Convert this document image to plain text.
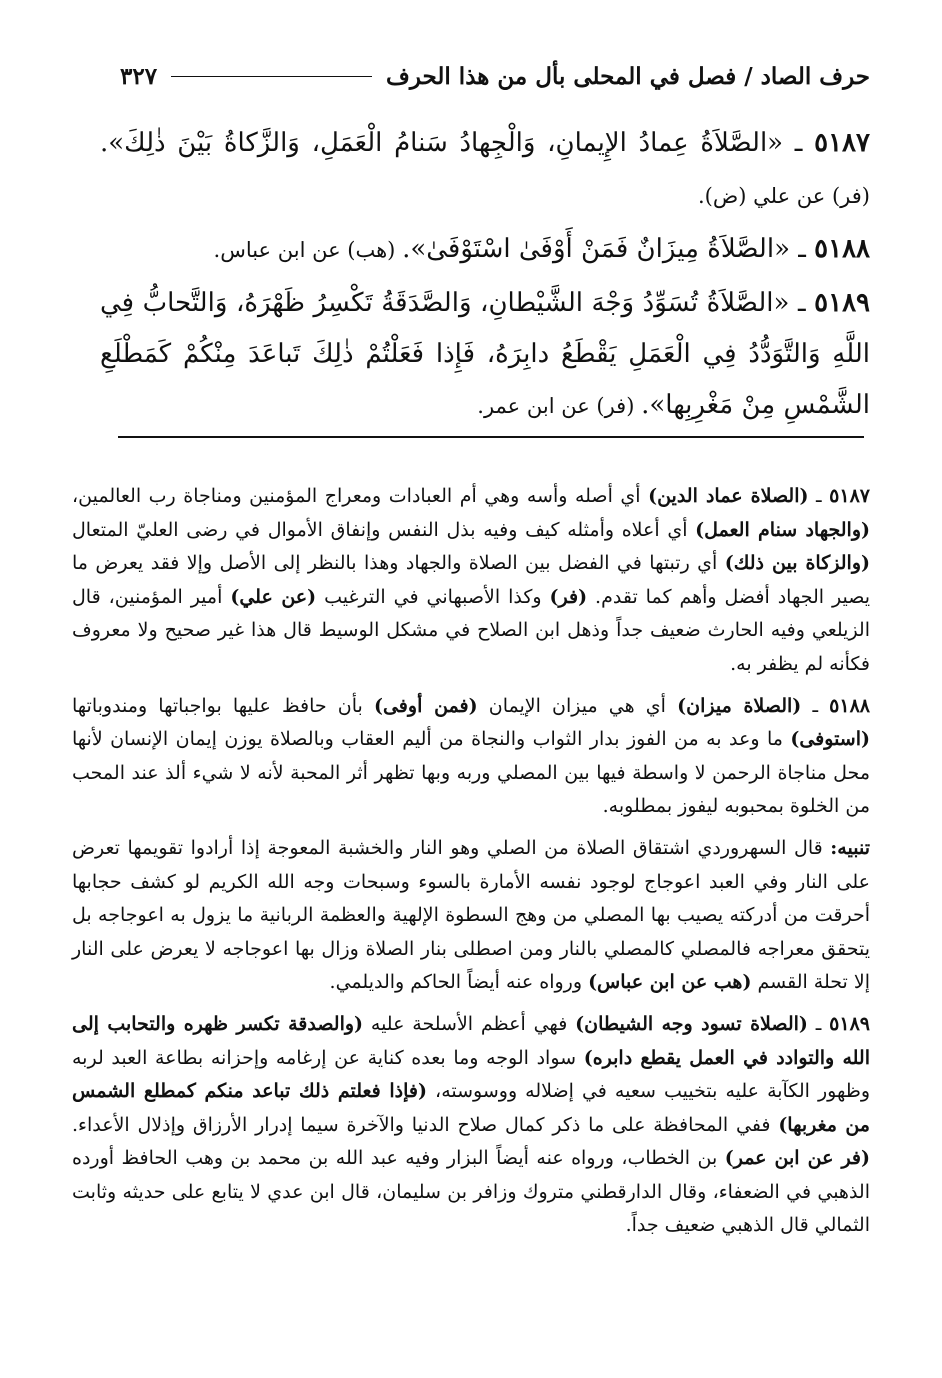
حرف الصاد / فصل في المحلى بأل من هذا الحرف
٣٢٧

٥١٨٧ ـ «الصَّلاَةُ عِمادُ الإِيمانِ، وَالْجِهادُ سَنامُ الْعَمَلِ، وَالزَّكاةُ بَيْنَ ذٰلِكَ». (فر) عن علي (ض).

٥١٨٨ ـ «الصَّلاَةُ مِيزَانٌ فَمَنْ أَوْفَىٰ اسْتَوْفَىٰ». (هب) عن ابن عباس.

٥١٨٩ ـ «الصَّلاَةُ تُسَوِّدُ وَجْهَ الشَّيْطانِ، وَالصَّدَقَةُ تَكْسِرُ ظَهْرَهُ، وَالتَّحابُّ فِي اللَّهِ وَالتَّوَدُّدُ فِي الْعَمَلِ يَقْطَعُ دابِرَهُ، فَإِذا فَعَلْتُمْ ذٰلِكَ تَباعَدَ مِنْكُمْ كَمَطْلَعِ الشَّمْسِ مِنْ مَغْرِبِها». (فر) عن ابن عمر.

٥١٨٧ ـ (الصلاة عماد الدين) أي أصله وأسه وهي أم العبادات ومعراج المؤمنين ومناجاة رب العالمين، (والجهاد سنام العمل) أي أعلاه وأمثله كيف وفيه بذل النفس وإنفاق الأموال في رضى العليّ المتعال (والزكاة بين ذلك) أي رتبتها في الفضل بين الصلاة والجهاد وهذا بالنظر إلى الأصل وإلا فقد يعرض ما يصير الجهاد أفضل وأهم كما تقدم. (فر) وكذا الأصبهاني في الترغيب (عن علي) أمير المؤمنين، قال الزيلعي وفيه الحارث ضعيف جداً وذهل ابن الصلاح في مشكل الوسيط قال هذا غير صحيح ولا معروف فكأنه لم يظفر به.

٥١٨٨ ـ (الصلاة ميزان) أي هي ميزان الإيمان (فمن أوفى) بأن حافظ عليها بواجباتها ومندوباتها (استوفى) ما وعد به من الفوز بدار الثواب والنجاة من أليم العقاب وبالصلاة يوزن إيمان الإنسان لأنها محل مناجاة الرحمن لا واسطة فيها بين المصلي وربه وبها تظهر أثر المحبة لأنه لا شيء ألذ عند المحب من الخلوة بمحبوبه ليفوز بمطلوبه.

تنبيه: قال السهروردي اشتقاق الصلاة من الصلي وهو النار والخشبة المعوجة إذا أرادوا تقويمها تعرض على النار وفي العبد اعوجاج لوجود نفسه الأمارة بالسوء وسبحات وجه الله الكريم لو كشف حجابها أحرقت من أدركته يصيب بها المصلي من وهج السطوة الإلهية والعظمة الربانية ما يزول به اعوجاجه بل يتحقق معراجه فالمصلي كالمصلي بالنار ومن اصطلى بنار الصلاة وزال بها اعوجاجه لا يعرض على النار إلا تحلة القسم (هب عن ابن عباس) ورواه عنه أيضاً الحاكم والديلمي.

٥١٨٩ ـ (الصلاة تسود وجه الشيطان) فهي أعظم الأسلحة عليه (والصدقة تكسر ظهره والتحابب إلى الله والتوادد في العمل يقطع دابره) سواد الوجه وما بعده كناية عن إرغامه وإحزانه بطاعة العبد لربه وظهور الكآبة عليه بتخييب سعيه في إضلاله ووسوسته، (فإذا فعلتم ذلك تباعد منكم كمطلع الشمس من مغربها) ففي المحافظة على ما ذكر كمال صلاح الدنيا والآخرة سيما إدرار الأرزاق وإذلال الأعداء. (فر عن ابن عمر) بن الخطاب، ورواه عنه أيضاً البزار وفيه عبد الله بن محمد بن وهب الحافظ أورده الذهبي في الضعفاء، وقال الدارقطني متروك وزافر بن سليمان، قال ابن عدي لا يتابع على حديثه وثابت الثمالي قال الذهبي ضعيف جداً.
